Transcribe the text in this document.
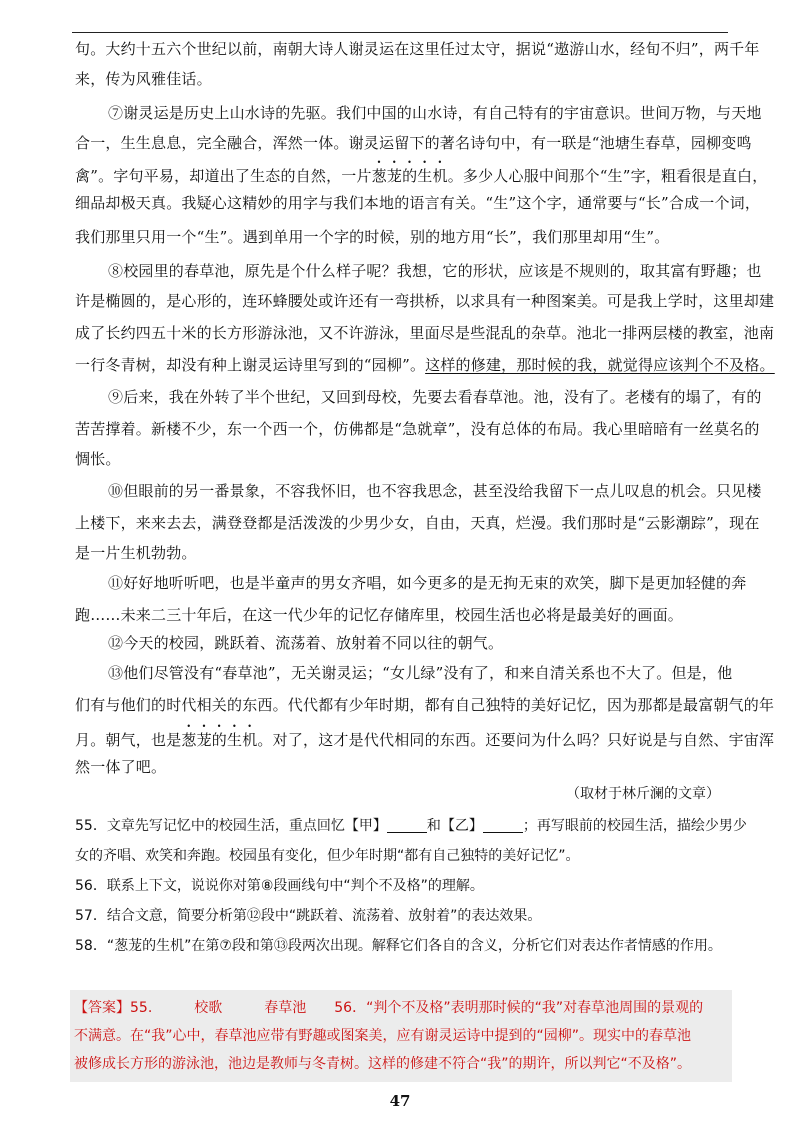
句。大约十五六个世纪以前，南朝大诗人谢灵运在这里任过太守，据说“遨游山水，经旬不归”，两千年
来，传为风雅佳话。
⑦谢灵运是历史上山水诗的先驱。我们中国的山水诗，有自己特有的宇宙意识。世间万物，与天地
合一，生生息息，完全融合，浑然一体。谢灵运留下的著名诗句中，有一联是“池塘生春草，园柳变鸣
禽”。字句平易，却道出了生态的自然，一片葱茏的生机。多少人心服中间那个“生”字，粗看很是直白，
细品却极天真。我疑心这精妙的用字与我们本地的语言有关。“生”这个字，通常要与“长”合成一个词，
我们那里只用一个“生”。遇到单用一个字的时候，别的地方用“长”，我们那里却用“生”。
⑧校园里的春草池，原先是个什么样子呢？我想，它的形状，应该是不规则的，取其富有野趣；也
许是椭圆的，是心形的，连环蜂腰处或许还有一弯拱桥，以求具有一种图案美。可是我上学时，这里却建
成了长约四五十米的长方形游泳池，又不许游泳，里面尽是些混乱的杂草。池北一排两层楼的教室，池南
一行冬青树，却没有种上谢灵运诗里写到的“园柳”。这样的修建，那时候的我，就觉得应该判个不及格。
⑨后来，我在外转了半个世纪，又回到母校，先要去看春草池。池，没有了。老楼有的塌了，有的
苦苦撑着。新楼不少，东一个西一个，仿佛都是“急就章”，没有总体的布局。我心里暗暗有一丝莫名的
惆怅。
⑩但眼前的另一番景象，不容我怀旧，也不容我思念，甚至没给我留下一点儿叹息的机会。只见楼
上楼下，来来去去，满登登都是活泼泼的少男少女，自由，天真，烂漫。我们那时是“云影潮踪”，现在
是一片生机勃勃。
⑪好好地听听吧，也是半童声的男女齐唱，如今更多的是无拘无束的欢笑，脚下是更加轻健的奔
跑……未来二三十年后，在这一代少年的记忆存储库里，校园生活也必将是最美好的画面。
⑫今天的校园，跳跃着、流荡着、放射着不同以往的朝气。
⑬他们尽管没有“春草池”，无关谢灵运；“女儿绿”没有了，和来自清关系也不大了。但是，他
们有与他们的时代相关的东西。代代都有少年时期，都有自己独特的美好记忆，因为那都是最富朝气的年
月。朝气，也是葱茏的生机。对了，这才是代代相同的东西。还要问为什么吗？只好说是与自然、宇宙浑
然一体了吧。
（取材于林斤澜的文章）
55．文章先写记忆中的校园生活，重点回忆【甲】	和【乙】	；再写眼前的校园生活，描绘少男少
女的齐唱、欢笑和奔跑。校园虽有变化，但少年时期“都有自己独特的美好记忆”。
56．联系上下文，说说你对第⑧段画线句中“判个不及格”的理解。
57．结合文意，简要分析第⑫段中“跳跃着、流荡着、放射着”的表达效果。
58．“葱茏的生机”在第⑦段和第⑬段两次出现。解释它们各自的含义，分析它们对表达作者情感的作用。
【答案】55.　　　校歌　　　春草池　　56．“判个不及格”表明那时候的“我”对春草池周围的景观的
不满意。在“我”心中，春草池应带有野趣或图案美，应有谢灵运诗中提到的“园柳”。现实中的春草池
被修成长方形的游泳池，池边是教师与冬青树。这样的修建不符合“我”的期许，所以判它“不及格”。
47
